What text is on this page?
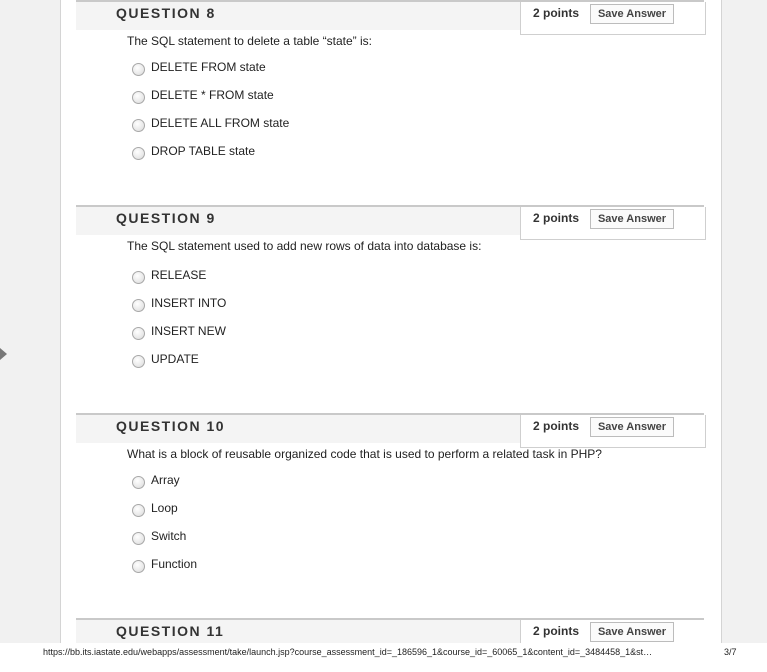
QUESTION 8	2 points	Save Answer
The SQL statement to delete a table “state” is:
DELETE FROM state
DELETE * FROM state
DELETE ALL FROM state
DROP TABLE state
QUESTION 9	2 points	Save Answer
The SQL statement used to add new rows of data into database is:
RELEASE
INSERT INTO
INSERT NEW
UPDATE
QUESTION 10	2 points	Save Answer
What is a block of reusable organized code that is used to perform a related task in PHP?
Array
Loop
Switch
Function
QUESTION 11	2 points	Save Answer
https://bb.its.iastate.edu/webapps/assessment/take/launch.jsp?course_assessment_id=_186596_1&course_id=_60065_1&content_id=_3484458_1&st…	3/7
